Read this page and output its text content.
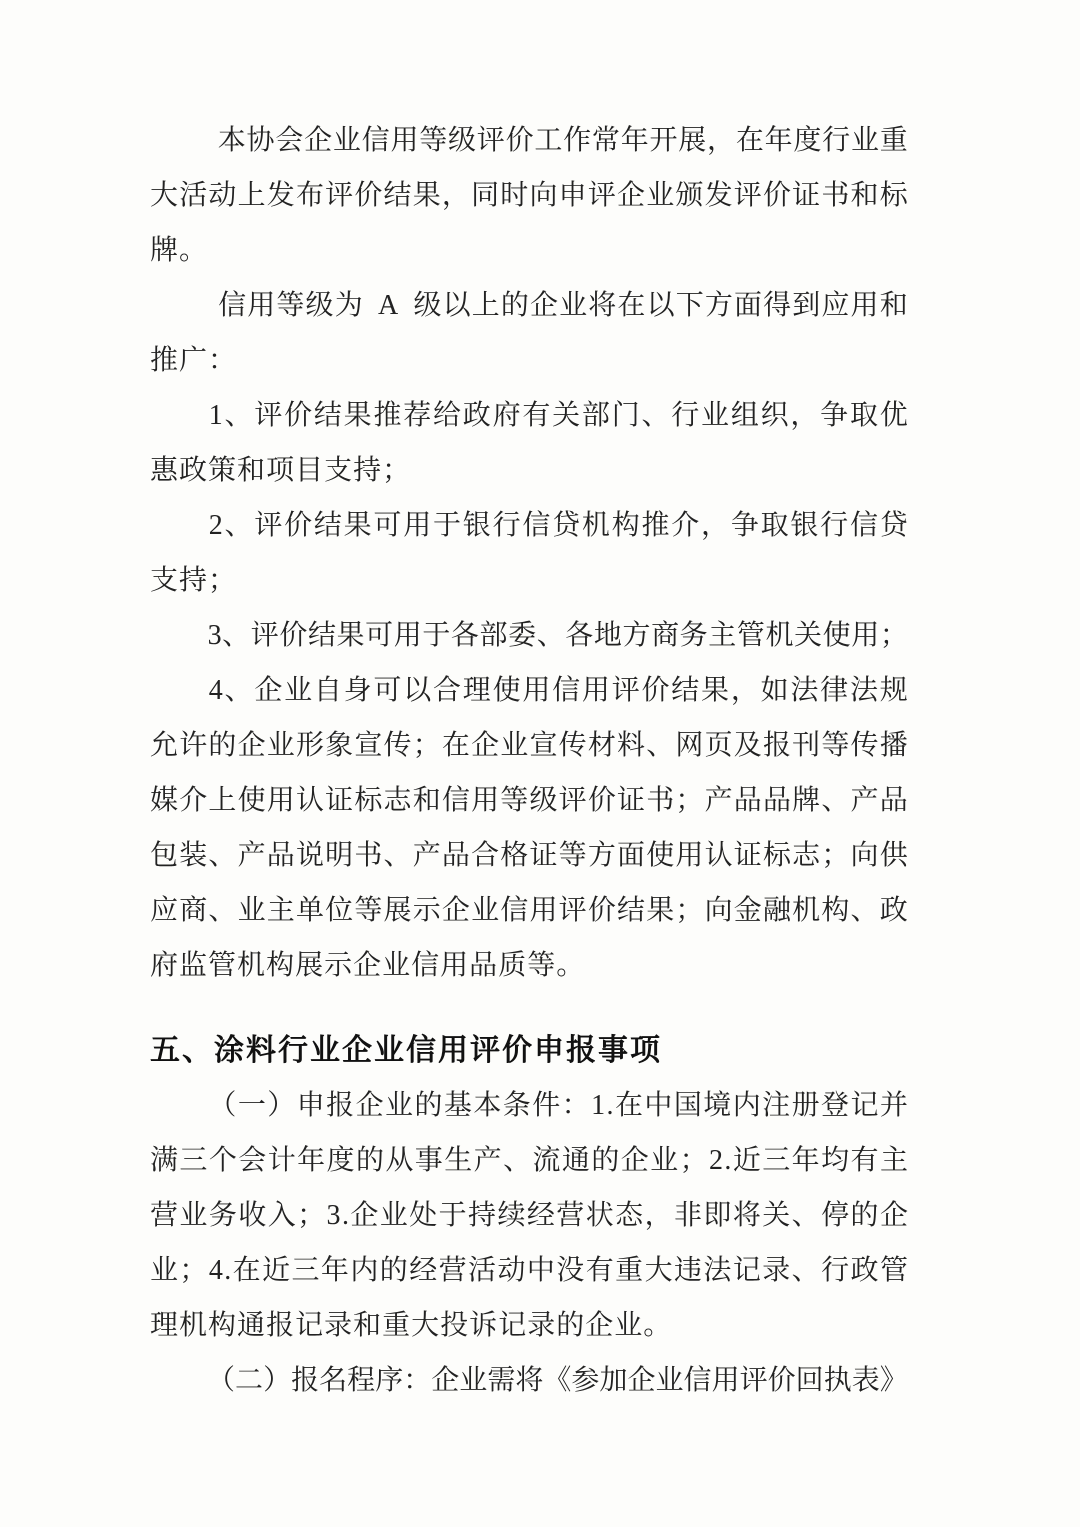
本 协 会 企 业 信 用 等 级 评 价 工 作 常 年 开 展 ， 在 年 度 行 业 重
大 活 动 上 发 布 评 价 结 果 ， 同 时 向 申 评 企 业 颁 发 评 价 证 书 和 标
牌 。
信 用 等 级 为 A 级 以 上 的 企 业 将 在 以 下 方 面 得 到 应 用 和
推 广 ：
1 、 评 价 结 果 推 荐 给 政 府 有 关 部 门 、 行 业 组 织 ， 争 取 优
惠 政 策 和 项 目 支 持 ；
2 、 评 价 结 果 可 用 于 银 行 信 贷 机 构 推 介 ， 争 取 银 行 信 贷
支 持 ；
3 、 评 价 结 果 可 用 于 各 部 委 、 各 地 方 商 务 主 管 机 关 使 用 ；
4 、 企 业 自 身 可 以 合 理 使 用 信 用 评 价 结 果 ， 如 法 律 法 规
允 许 的 企 业 形 象 宣 传 ； 在 企 业 宣 传 材 料 、 网 页 及 报 刊 等 传 播
媒 介 上 使 用 认 证 标 志 和 信 用 等 级 评 价 证 书 ； 产 品 品 牌 、 产 品
包 装 、 产 品 说 明 书 、 产 品 合 格 证 等 方 面 使 用 认 证 标 志 ； 向 供
应 商 、 业 主 单 位 等 展 示 企 业 信 用 评 价 结 果 ； 向 金 融 机 构 、 政
府 监 管 机 构 展 示 企 业 信 用 品 质 等 。
五 、 涂 料 行 业 企 业 信 用 评 价 申 报 事 项
（ 一 ） 申 报 企 业 的 基 本 条 件 ： 1 . 在 中 国 境 内 注 册 登 记 并
满 三 个 会 计 年 度 的 从 事 生 产 、 流 通 的 企 业 ； 2 . 近 三 年 均 有 主
营 业 务 收 入 ； 3 . 企 业 处 于 持 续 经 营 状 态 ， 非 即 将 关 、 停 的 企
业 ； 4 . 在 近 三 年 内 的 经 营 活 动 中 没 有 重 大 违 法 记 录 、 行 政 管
理 机 构 通 报 记 录 和 重 大 投 诉 记 录 的 企 业 。
（ 二 ） 报 名 程 序 ： 企 业 需 将 《 参 加 企 业 信 用 评 价 回 执 表 》
